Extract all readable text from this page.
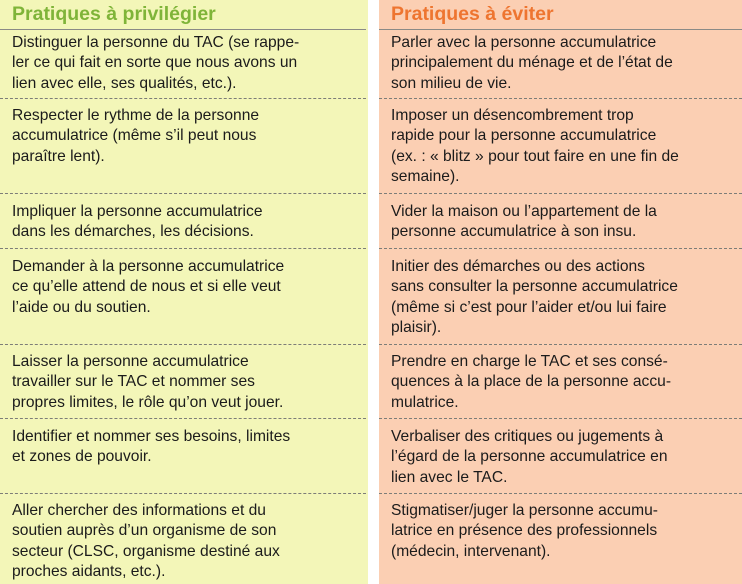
Pratiques à privilégier
Distinguer la personne du TAC (se rappe-
ler ce qui fait en sorte que nous avons un
lien avec elle, ses qualités, etc.).
Respecter le rythme de la personne
accumulatrice (même s’il peut nous
paraître lent).
Impliquer la personne accumulatrice
dans les démarches, les décisions.
Demander à la personne accumulatrice
ce qu’elle attend de nous et si elle veut
l’aide ou du soutien.
Laisser la personne accumulatrice
travailler sur le TAC et nommer ses
propres limites, le rôle qu’on veut jouer.
Identifier et nommer ses besoins, limites
et zones de pouvoir.
Aller chercher des informations et du
soutien auprès d’un organisme de son
secteur (CLSC, organisme destiné aux
proches aidants, etc.).
Pratiques à éviter
Parler avec la personne accumulatrice
principalement du ménage et de l’état de
son milieu de vie.
Imposer un désencombrement trop
rapide pour la personne accumulatrice
(ex. : « blitz » pour tout faire en une fin de
semaine).
Vider la maison ou l’appartement de la
personne accumulatrice à son insu.
Initier des démarches ou des actions
sans consulter la personne accumulatrice
(même si c’est pour l’aider et/ou lui faire
plaisir).
Prendre en charge le TAC et ses consé-
quences à la place de la personne accu-
mulatrice.
Verbaliser des critiques ou jugements à
l’égard de la personne accumulatrice en
lien avec le TAC.
Stigmatiser/juger la personne accumu-
latrice en présence des professionnels
(médecin, intervenant).
